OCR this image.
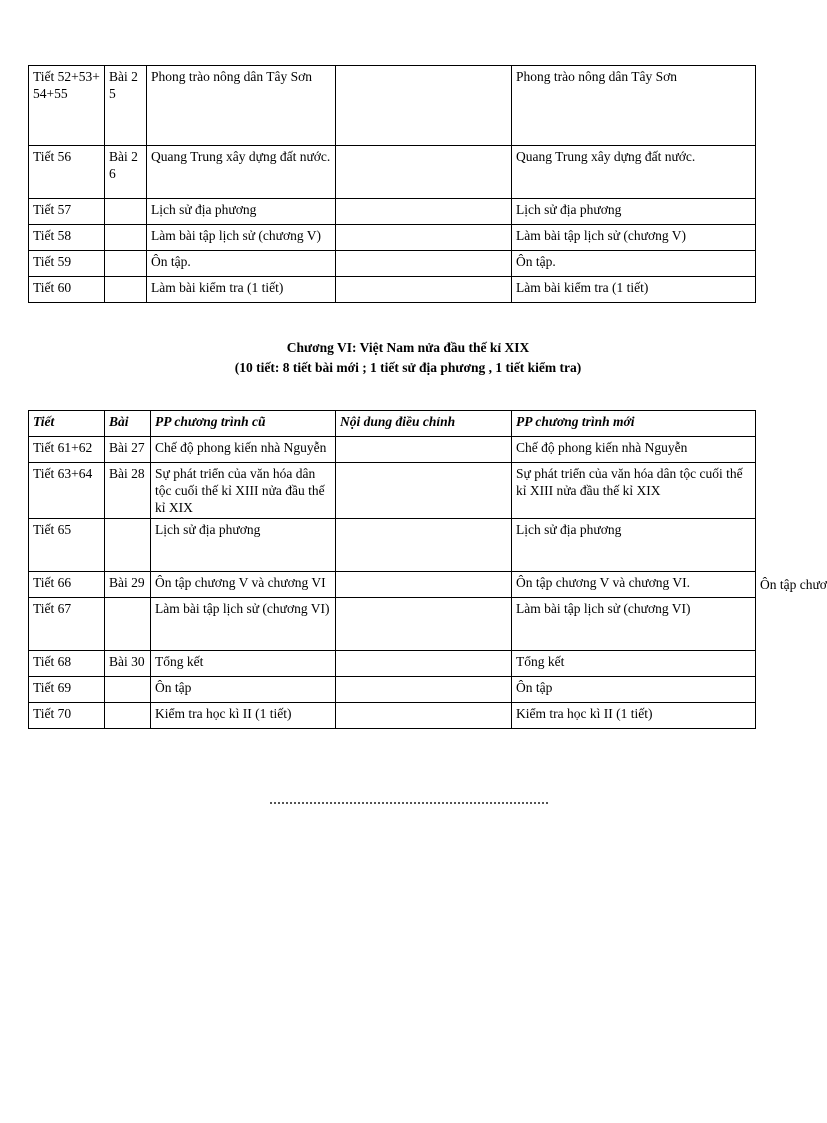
Tiết 52+53+54+55	Bài 25	Phong trào nông dân Tây Sơn		Phong trào nông dân Tây Sơn
Tiết 56	Bài 26	Quang Trung xây dựng đất nước.		Quang Trung xây dựng đất nước.
Tiết 57		Lịch sử địa phương		Lịch sử địa phương
Tiết 58		Làm bài tập lịch sử (chương V)		Làm bài tập lịch sử (chương V)
Tiết 59		Ôn tập.		Ôn tập.
Tiết 60		Làm bài kiểm tra (1 tiết)		Làm bài kiểm tra (1 tiết)
Chương VI: Việt Nam nửa đầu thế kỉ XIX
(10 tiết: 8 tiết bài mới ; 1 tiết sử địa phương , 1 tiết kiểm tra)
Tiết	Bài	PP chương trình cũ	Nội dung điều chỉnh	PP chương trình mới
Tiết 61+62	Bài 27	Chế độ phong kiến nhà Nguyễn		Chế độ phong kiến nhà Nguyễn
Tiết 63+64	Bài 28	Sự phát triển của văn hóa dân tộc cuối thế kỉ XIII nửa đầu thế kỉ XIX		Sự phát triển của văn hóa dân tộc cuối thế kỉ XIII nửa đầu thế kỉ XIX
Tiết 65		Lịch sử địa phương		Lịch sử địa phương
Tiết 66	Bài 29	Ôn tập chương V và chương VI		Ôn tập chương V và chương VI.
Tiết 67		Làm bài tập lịch sử (chương VI)		Làm bài tập lịch sử (chương VI)
Tiết 68	Bài 30	Tổng kết		Tổng kết
Tiết 69		Ôn tập		Ôn tập
Tiết 70		Kiểm tra học kì II (1 tiết)		Kiểm tra học kì II (1 tiết)
Ôn tập chươ
